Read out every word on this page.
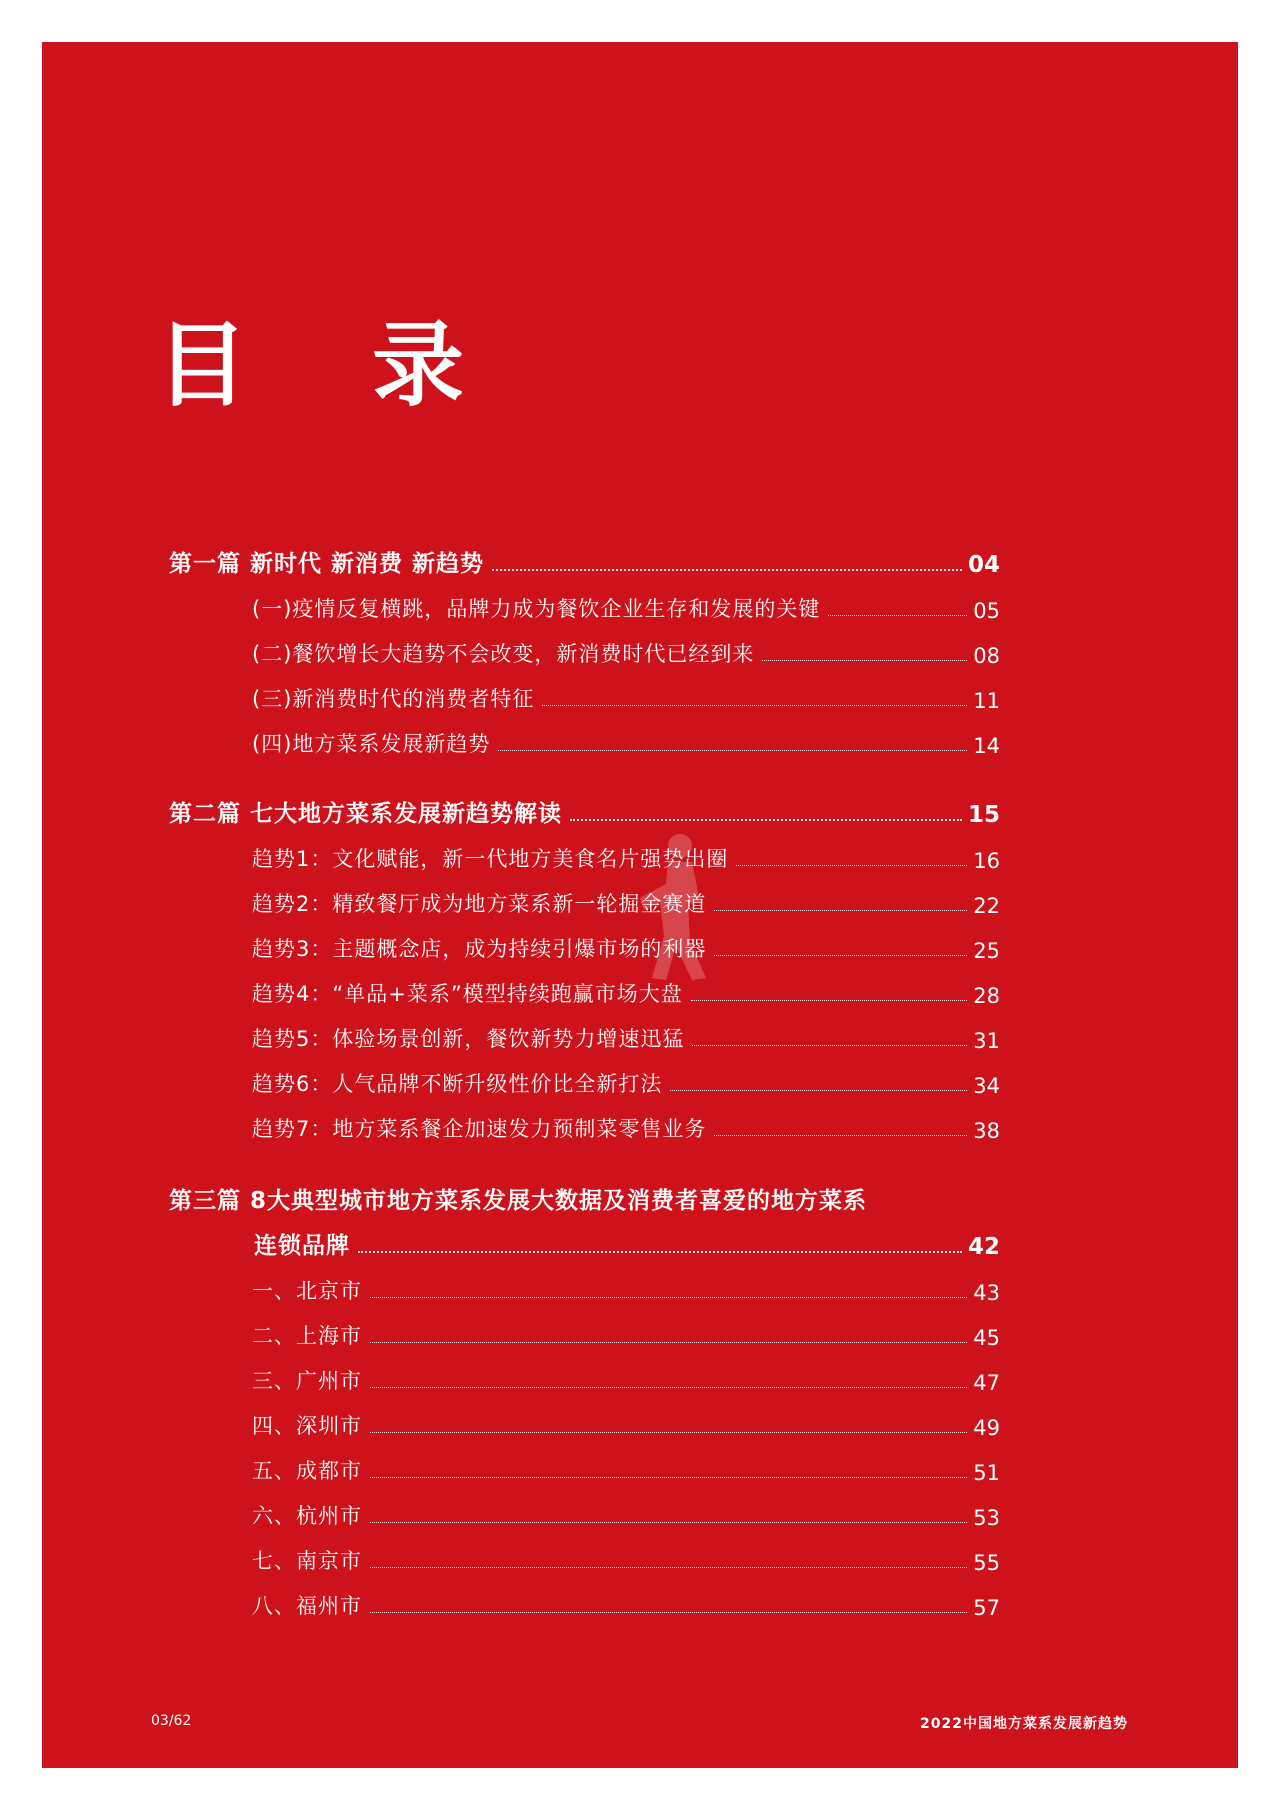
目 录
第一篇 新时代 新消费 新趋势	04
(一)疫情反复横跳，品牌力成为餐饮企业生存和发展的关键	05
(二)餐饮增长大趋势不会改变，新消费时代已经到来	08
(三)新消费时代的消费者特征	11
(四)地方菜系发展新趋势	14
第二篇 七大地方菜系发展新趋势解读	15
趋势1：文化赋能，新一代地方美食名片强势出圈	16
趋势2：精致餐厅成为地方菜系新一轮掘金赛道	22
趋势3：主题概念店，成为持续引爆市场的利器	25
趋势4：“单品+菜系”模型持续跑赢市场大盘	28
趋势5：体验场景创新，餐饮新势力增速迅猛	31
趋势6：人气品牌不断升级性价比全新打法	34
趋势7：地方菜系餐企加速发力预制菜零售业务	38
第三篇 8大典型城市地方菜系发展大数据及消费者喜爱的地方菜系
连锁品牌	42
一、北京市	43
二、上海市	45
三、广州市	47
四、深圳市	49
五、成都市	51
六、杭州市	53
七、南京市	55
八、福州市	57
03/62	2022中国地方菜系发展新趋势
